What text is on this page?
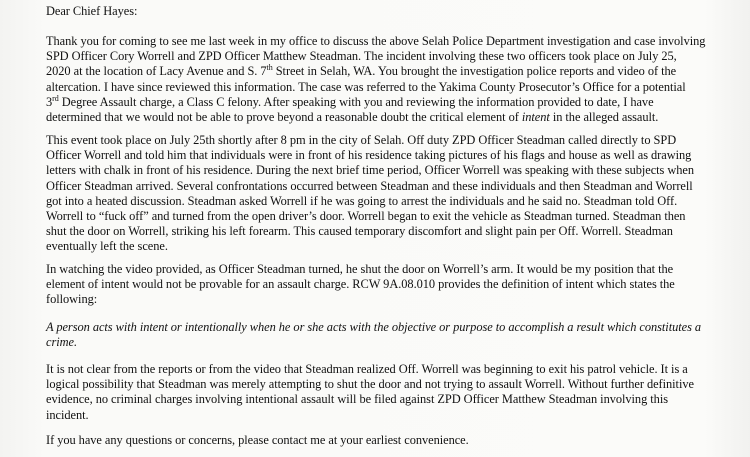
Dear Chief Hayes:
Thank you for coming to see me last week in my office to discuss the above Selah Police Department investigation and case involving
SPD Officer Cory Worrell and ZPD Officer Matthew Steadman. The incident involving these two officers took place on July 25,
2020 at the location of Lacy Avenue and S. 7th Street in Selah, WA. You brought the investigation police reports and video of the
altercation. I have since reviewed this information. The case was referred to the Yakima County Prosecutor’s Office for a potential
3rd Degree Assault charge, a Class C felony. After speaking with you and reviewing the information provided to date, I have
determined that we would not be able to prove beyond a reasonable doubt the critical element of intent in the alleged assault.
This event took place on July 25th shortly after 8 pm in the city of Selah. Off duty ZPD Officer Steadman called directly to SPD
Officer Worrell and told him that individuals were in front of his residence taking pictures of his flags and house as well as drawing
letters with chalk in front of his residence. During the next brief time period, Officer Worrell was speaking with these subjects when
Officer Steadman arrived. Several confrontations occurred between Steadman and these individuals and then Steadman and Worrell
got into a heated discussion. Steadman asked Worrell if he was going to arrest the individuals and he said no. Steadman told Off.
Worrell to “fuck off” and turned from the open driver’s door. Worrell began to exit the vehicle as Steadman turned. Steadman then
shut the door on Worrell, striking his left forearm. This caused temporary discomfort and slight pain per Off. Worrell. Steadman
eventually left the scene.
In watching the video provided, as Officer Steadman turned, he shut the door on Worrell’s arm. It would be my position that the
element of intent would not be provable for an assault charge. RCW 9A.08.010 provides the definition of intent which states the
following:
A person acts with intent or intentionally when he or she acts with the objective or purpose to accomplish a result which constitutes a
crime.
It is not clear from the reports or from the video that Steadman realized Off. Worrell was beginning to exit his patrol vehicle. It is a
logical possibility that Steadman was merely attempting to shut the door and not trying to assault Worrell. Without further definitive
evidence, no criminal charges involving intentional assault will be filed against ZPD Officer Matthew Steadman involving this
incident.
If you have any questions or concerns, please contact me at your earliest convenience.
